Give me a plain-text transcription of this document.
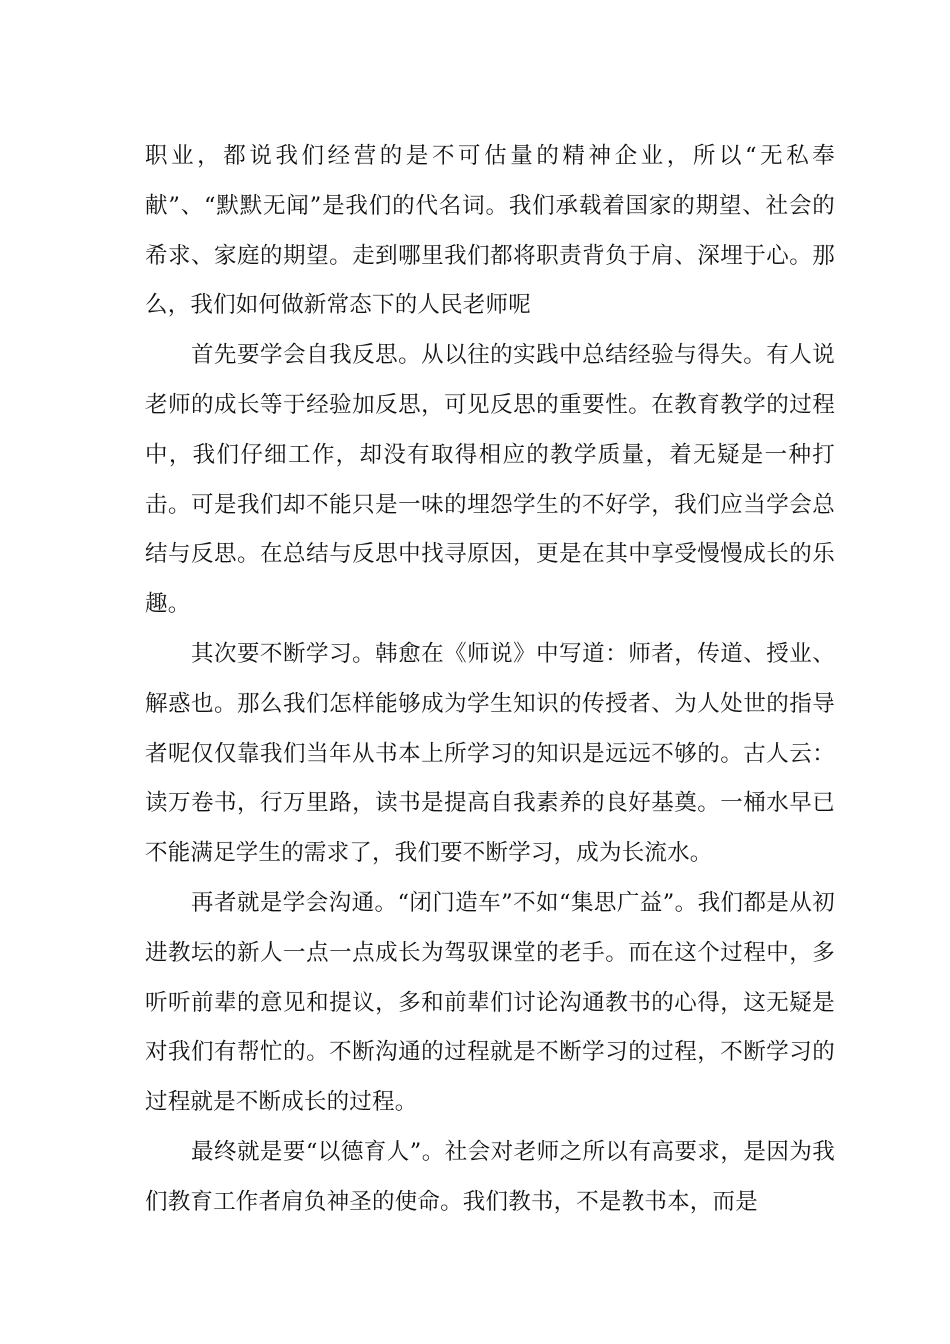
职业，都说我们经营的是不可估量的精神企业，所以“无私奉献”、“默默无闻”是我们的代名词。我们承载着国家的期望、社会的希求、家庭的期望。走到哪里我们都将职责背负于肩、深埋于心。那么，我们如何做新常态下的人民老师呢

首先要学会自我反思。从以往的实践中总结经验与得失。有人说老师的成长等于经验加反思，可见反思的重要性。在教育教学的过程中，我们仔细工作，却没有取得相应的教学质量，着无疑是一种打击。可是我们却不能只是一味的埋怨学生的不好学，我们应当学会总结与反思。在总结与反思中找寻原因，更是在其中享受慢慢成长的乐趣。

其次要不断学习。韩愈在《师说》中写道：师者，传道、授业、解惑也。那么我们怎样能够成为学生知识的传授者、为人处世的指导者呢仅仅靠我们当年从书本上所学习的知识是远远不够的。古人云：读万卷书，行万里路，读书是提高自我素养的良好基奠。一桶水早已不能满足学生的需求了，我们要不断学习，成为长流水。

再者就是学会沟通。“闭门造车”不如“集思广益”。我们都是从初进教坛的新人一点一点成长为驾驭课堂的老手。而在这个过程中，多听听前辈的意见和提议，多和前辈们讨论沟通教书的心得，这无疑是对我们有帮忙的。不断沟通的过程就是不断学习的过程，不断学习的过程就是不断成长的过程。

最终就是要“以德育人”。社会对老师之所以有高要求，是因为我们教育工作者肩负神圣的使命。我们教书，不是教书本，而是
